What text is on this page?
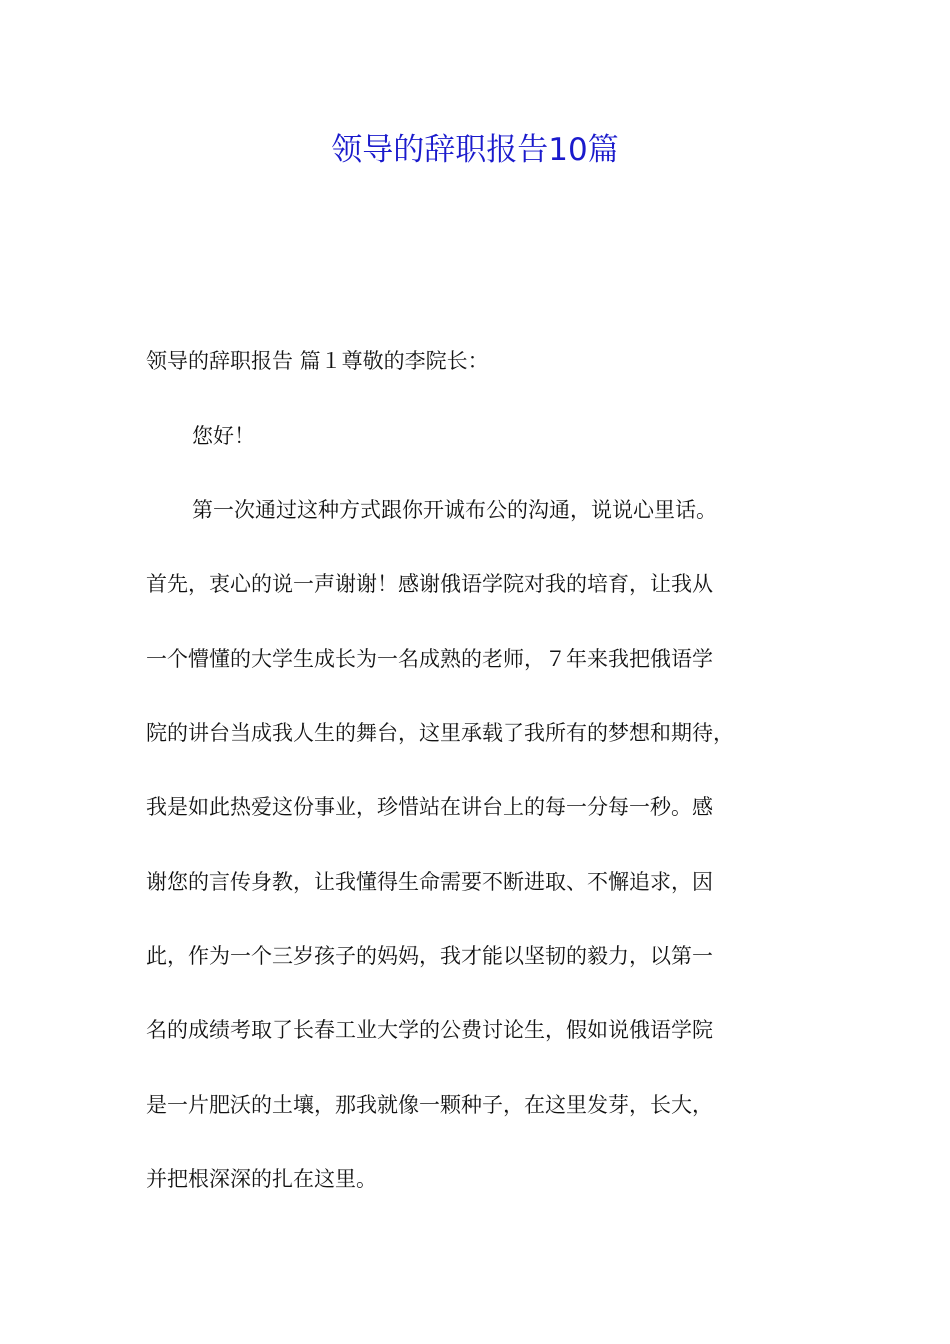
领导的辞职报告10篇
领导的辞职报告 篇１尊敬的李院长：
您好！
第一次通过这种方式跟你开诚布公的沟通，说说心里话。
首先，衷心的说一声谢谢！感谢俄语学院对我的培育，让我从
一个懵懂的大学生成长为一名成熟的老师，７年来我把俄语学
院的讲台当成我人生的舞台，这里承载了我所有的梦想和期待，
我是如此热爱这份事业，珍惜站在讲台上的每一分每一秒。感
谢您的言传身教，让我懂得生命需要不断进取、不懈追求，因
此，作为一个三岁孩子的妈妈，我才能以坚韧的毅力，以第一
名的成绩考取了长春工业大学的公费讨论生，假如说俄语学院
是一片肥沃的土壤，那我就像一颗种子，在这里发芽，长大，
并把根深深的扎在这里。
